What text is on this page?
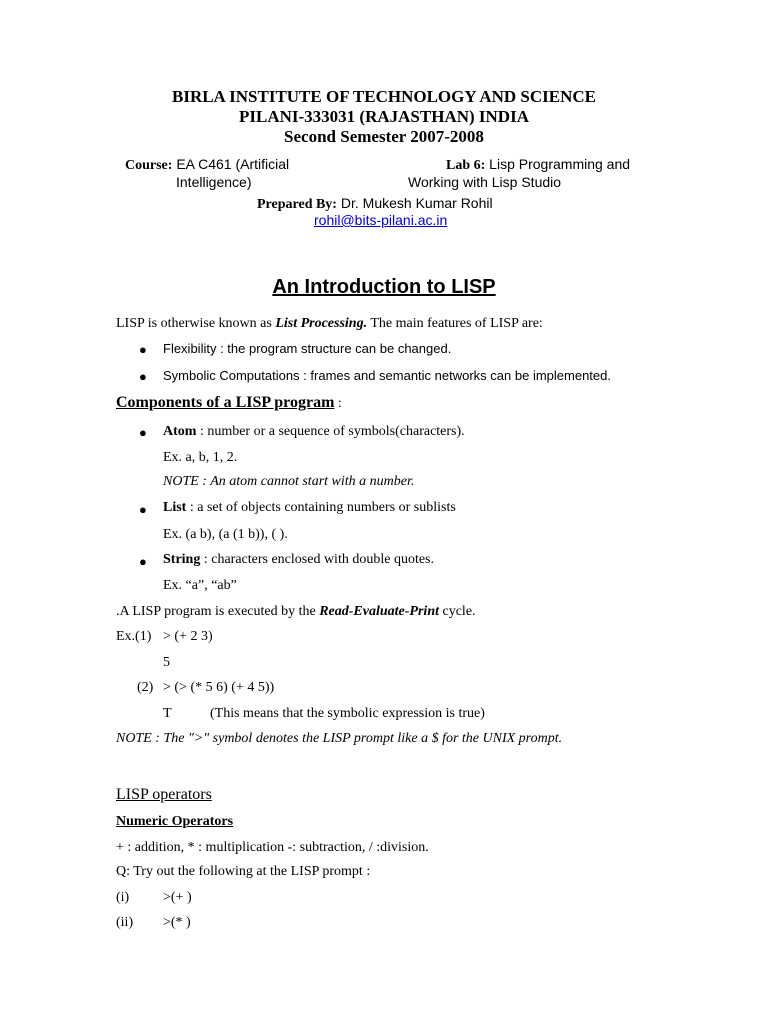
BIRLA INSTITUTE OF TECHNOLOGY AND SCIENCE
PILANI-333031 (RAJASTHAN) INDIA
Second Semester 2007-2008
Course: EA C461 (Artificial
Intelligence)
Lab 6: Lisp Programming and
Working with Lisp Studio
Prepared By: Dr. Mukesh Kumar Rohil
rohil@bits-pilani.ac.in
An Introduction to LISP
LISP is otherwise known as List Processing. The main features of LISP are:
● Flexibility : the program structure can be changed.
● Symbolic Computations : frames and semantic networks can be implemented.
Components of a LISP program :
● Atom : number or a sequence of symbols(characters).
Ex. a, b, 1, 2.
NOTE : An atom cannot start with a number.
● List : a set of objects containing numbers or sublists
Ex. (a b), (a (1 b)), ( ).
● String : characters enclosed with double quotes.
Ex. “a”, “ab”
.A LISP program is executed by the Read-Evaluate-Print cycle.
Ex.(1) > (+ 2 3)
5
(2) > (> (* 5 6) (+ 4 5))
T	(This means that the symbolic expression is true)
NOTE : The ">" symbol denotes the LISP prompt like a $ for the UNIX prompt.
LISP operators
Numeric Operators
+ : addition, * : multiplication -: subtraction, / :division.
Q: Try out the following at the LISP prompt :
(i) >(+ )
(ii) >(* )
